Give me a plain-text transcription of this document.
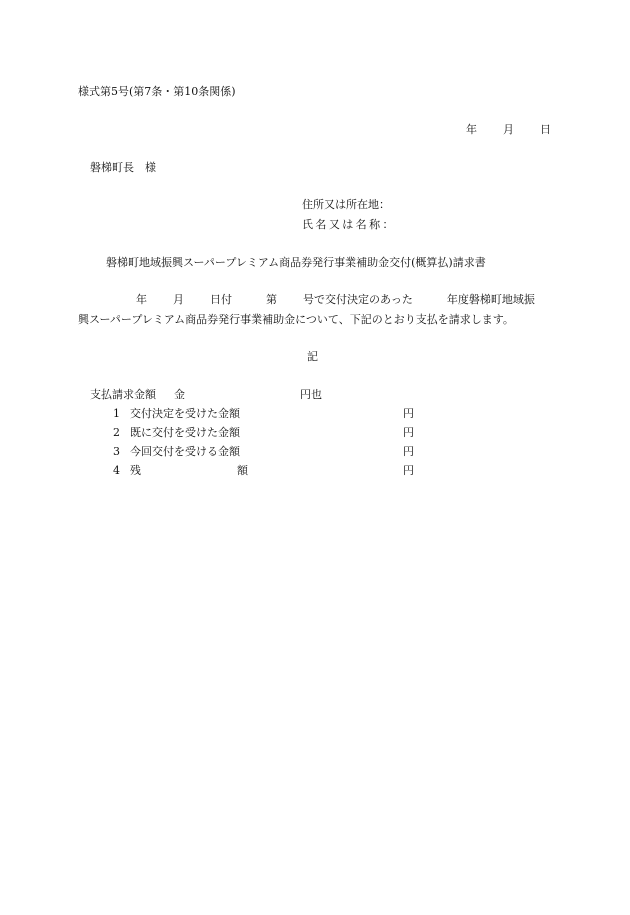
様式第5号(第7条・第10条関係)
年 月 日
磐梯町長　様
住所又は所在地：
氏名又は名称：
磐梯町地域振興スーパープレミアム商品券発行事業補助金交付(概算払)請求書
年 月 日付	第 号で交付決定のあった	年度磐梯町地域振
興スーパープレミアム商品券発行事業補助金について、下記のとおり支払を請求します。
記
支払請求金額 金	円也
1 交付決定を受けた金額	円
2 既に交付を受けた金額	円
3 今回交付を受ける金額	円
4 残	額	円
